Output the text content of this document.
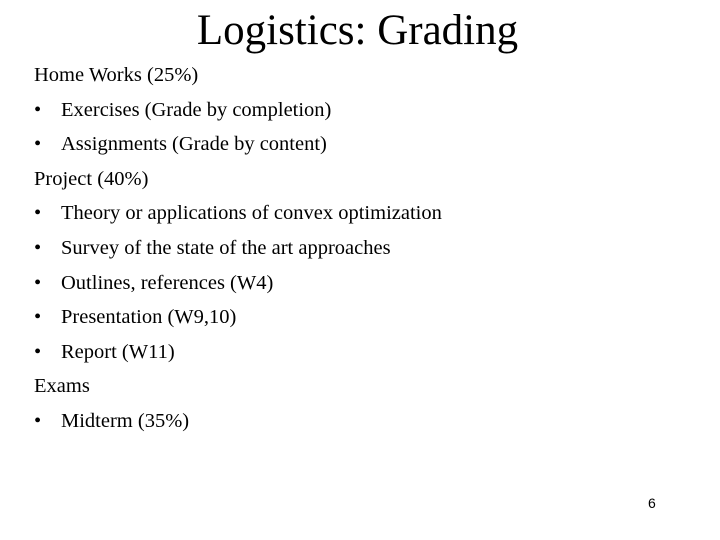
Logistics: Grading
Home Works (25%)
• Exercises (Grade by completion)
• Assignments (Grade by content)
Project (40%)
• Theory or applications of convex optimization
• Survey of the state of the art approaches
• Outlines, references (W4)
• Presentation (W9,10)
• Report (W11)
Exams
• Midterm (35%)
6
